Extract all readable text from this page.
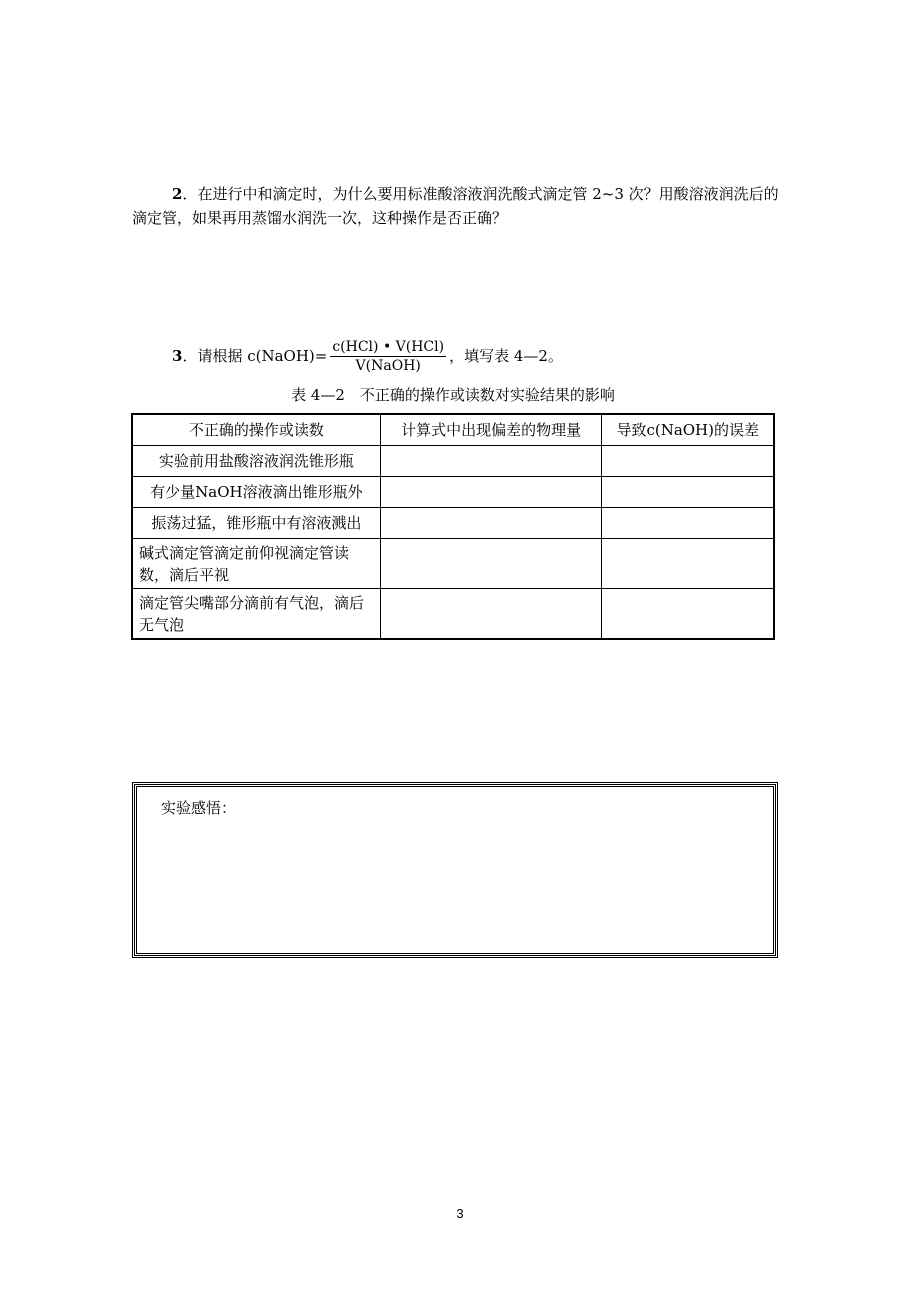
2．在进行中和滴定时，为什么要用标准酸溶液润洗酸式滴定管 2~3 次？用酸溶液润洗后的滴定管，如果再用蒸馏水润洗一次，这种操作是否正确？
3 ．请根据 c(NaOH)= $\frac{\text{c(HCl) • V(HCl)}}{\text{V(NaOH)}}$ ，填写表 4—2。
表 4—2　不正确的操作或读数对实验结果的影响
不正确的操作或读数	计算式中出现偏差的物理量	导致c(NaOH)的误差
实验前用盐酸溶液润洗锥形瓶		
有少量NaOH溶液滴出锥形瓶外		
振荡过猛，锥形瓶中有溶液溅出		
碱式滴定管滴定前仰视滴定管读数，滴后平视		
滴定管尖嘴部分滴前有气泡，滴后无气泡		
实验感悟：
3
